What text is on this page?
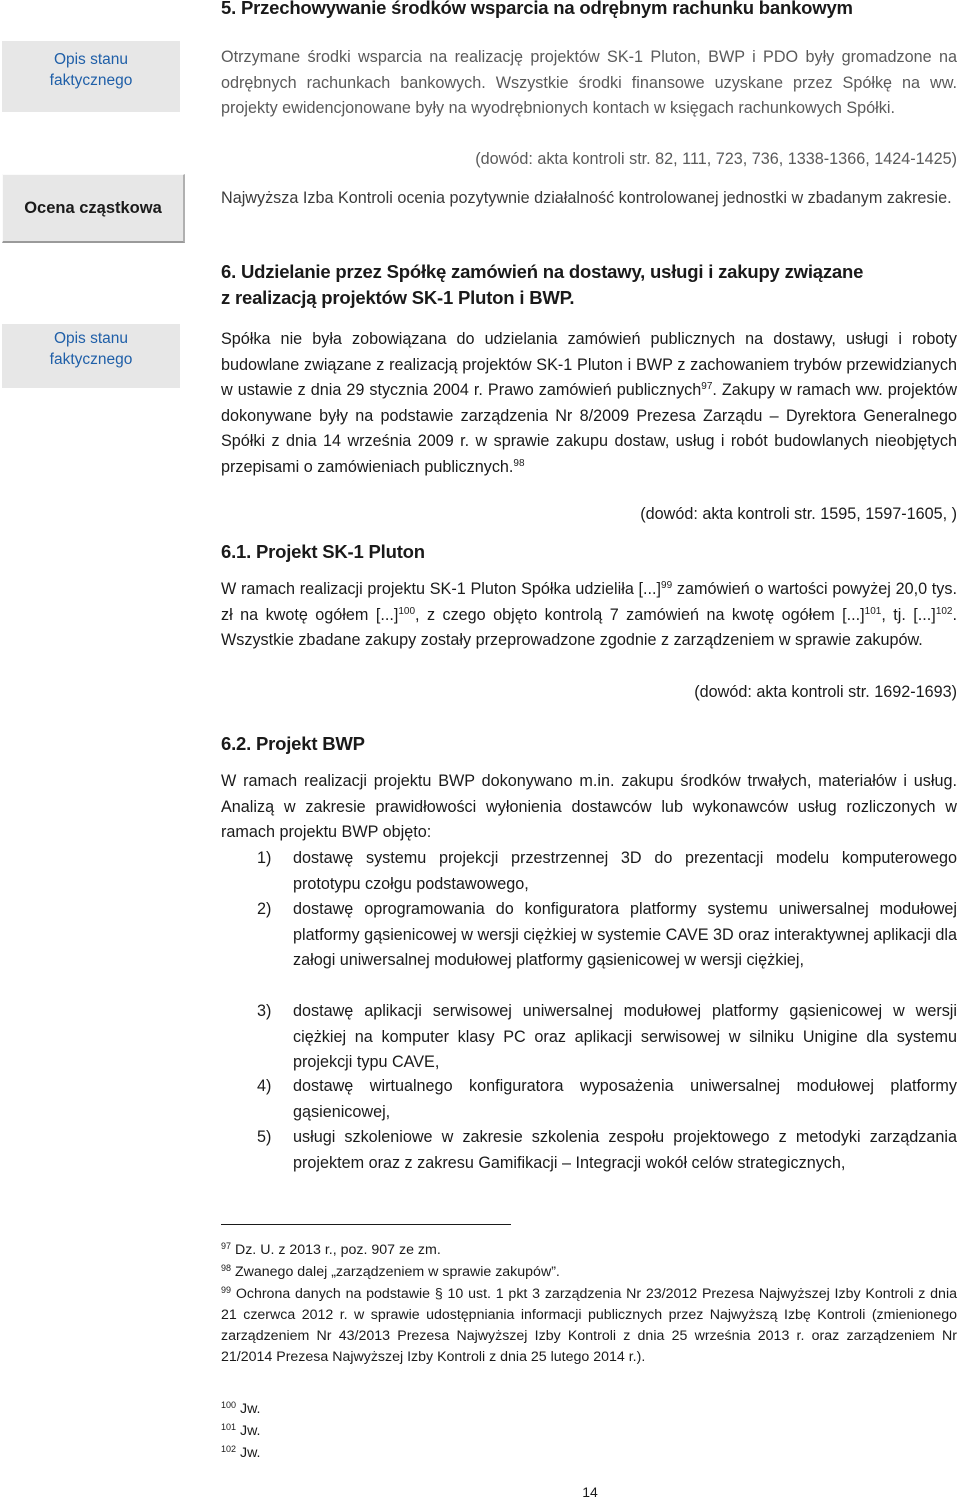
5. Przechowywanie środków wsparcia na odrębnym rachunku bankowym
Opis stanu
faktycznego
Otrzymane środki wsparcia na realizację projektów SK-1 Pluton, BWP i PDO były gromadzone na odrębnych rachunkach bankowych. Wszystkie środki finansowe uzyskane przez Spółkę na ww. projekty ewidencjonowane były na wyodrębnionych kontach w księgach rachunkowych Spółki.
(dowód: akta kontroli str. 82, 111, 723, 736, 1338-1366, 1424-1425)
Ocena cząstkowa
Najwyższa Izba Kontroli ocenia pozytywnie działalność kontrolowanej jednostki w zbadanym zakresie.
6. Udzielanie przez Spółkę zamówień na dostawy, usługi i zakupy związane
z realizacją projektów SK-1 Pluton i BWP.
Opis stanu
faktycznego
Spółka nie była zobowiązana do udzielania zamówień publicznych na dostawy, usługi i roboty budowlane związane z realizacją projektów SK-1 Pluton i BWP z zachowaniem trybów przewidzianych w ustawie z dnia 29 stycznia 2004 r. Prawo zamówień publicznych$^{97}$. Zakupy w ramach ww. projektów dokonywane były na podstawie zarządzenia Nr 8/2009 Prezesa Zarządu – Dyrektora Generalnego Spółki z dnia 14 września 2009 r. w sprawie zakupu dostaw, usług i robót budowlanych nieobjętych przepisami o zamówieniach publicznych.$^{98}$
(dowód: akta kontroli str. 1595, 1597-1605, )
6.1. Projekt SK-1 Pluton
W ramach realizacji projektu SK-1 Pluton Spółka udzieliła [...]$^{99}$ zamówień o wartości powyżej 20,0 tys. zł na kwotę ogółem [...]$^{100}$, z czego objęto kontrolą 7 zamówień na kwotę ogółem [...]$^{101}$, tj. [...]$^{102}$. Wszystkie zbadane zakupy zostały przeprowadzone zgodnie z zarządzeniem w sprawie zakupów.
(dowód: akta kontroli str. 1692-1693)
6.2. Projekt BWP
W ramach realizacji projektu BWP dokonywano m.in. zakupu środków trwałych, materiałów i usług. Analizą w zakresie prawidłowości wyłonienia dostawców lub wykonawców usług rozliczonych w ramach projektu BWP objęto:
1) dostawę systemu projekcji przestrzennej 3D do prezentacji modelu komputerowego prototypu czołgu podstawowego,
2) dostawę oprogramowania do konfiguratora platformy systemu uniwersalnej modułowej platformy gąsienicowej w wersji ciężkiej w systemie CAVE 3D oraz interaktywnej aplikacji dla załogi uniwersalnej modułowej platformy gąsienicowej w wersji ciężkiej,
3) dostawę aplikacji serwisowej uniwersalnej modułowej platformy gąsienicowej w wersji ciężkiej na komputer klasy PC oraz aplikacji serwisowej w silniku Unigine dla systemu projekcji typu CAVE,
4) dostawę wirtualnego konfiguratora wyposażenia uniwersalnej modułowej platformy gąsienicowej,
5) usługi szkoleniowe w zakresie szkolenia zespołu projektowego z metodyki zarządzania projektem oraz z zakresu Gamifikacji – Integracji wokół celów strategicznych,
$^{97}$ Dz. U. z 2013 r., poz. 907 ze zm.
$^{98}$ Zwanego dalej „zarządzeniem w sprawie zakupów”.
$^{99}$ Ochrona danych na podstawie § 10 ust. 1 pkt 3 zarządzenia Nr 23/2012 Prezesa Najwyższej Izby Kontroli z dnia 21 czerwca 2012 r. w sprawie udostępniania informacji publicznych przez Najwyższą Izbę Kontroli (zmienionego zarządzeniem Nr 43/2013 Prezesa Najwyższej Izby Kontroli z dnia 25 września 2013 r. oraz zarządzeniem Nr 21/2014 Prezesa Najwyższej Izby Kontroli z dnia 25 lutego 2014 r.).
$^{100}$ Jw.
$^{101}$ Jw.
$^{102}$ Jw.
14
